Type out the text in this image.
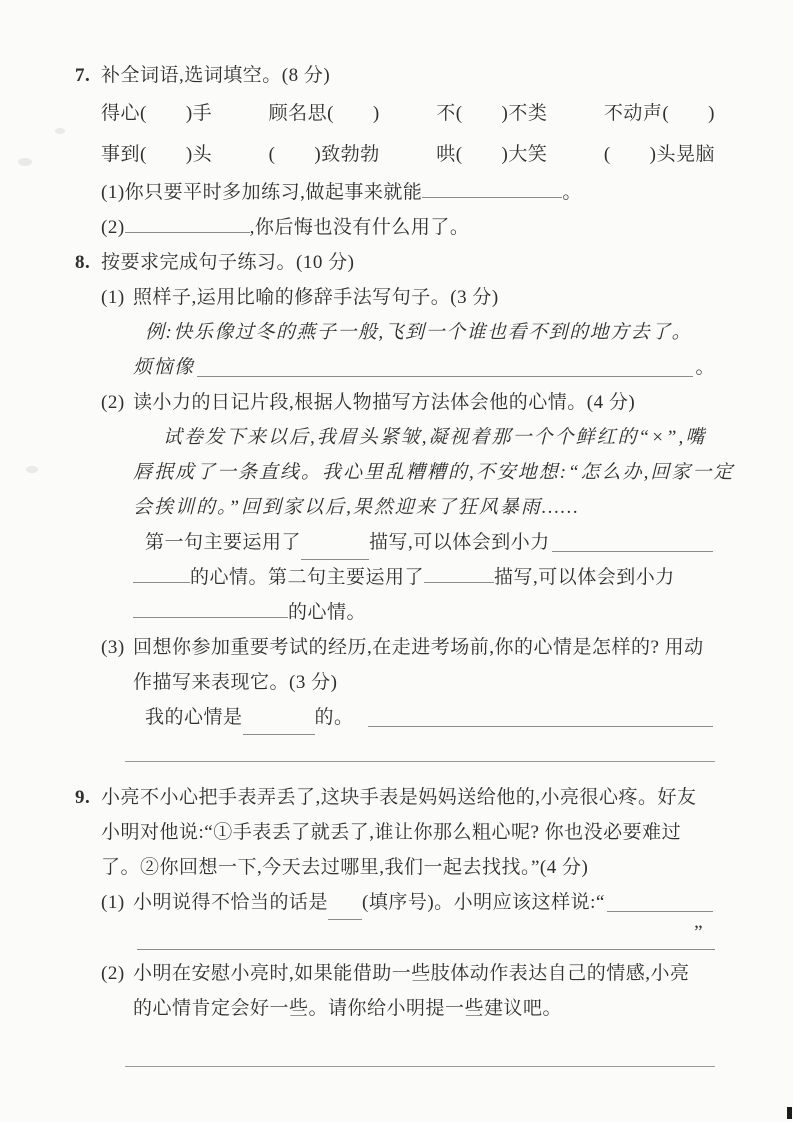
7. 补全词语,选词填空。(8 分)
得心(　　)手	顾名思(　　)	不(　　)不类	不动声(　　)
事到(　　)头	(　　)致勃勃	哄(　　)大笑	(　　)头晃脑
(1)你只要平时多加练习,做起事来就能	。
(2)	,你后悔也没有什么用了。
8. 按要求完成句子练习。(10 分)
(1) 照样子,运用比喻的修辞手法写句子。(3 分)
例:快乐像过冬的燕子一般,飞到一个谁也看不到的地方去了。
烦恼像	。
(2) 读小力的日记片段,根据人物描写方法体会他的心情。(4 分)
试卷发下来以后,我眉头紧皱,凝视着那一个个鲜红的“×”,嘴
唇抿成了一条直线。我心里乱糟糟的,不安地想:“怎么办,回家一定
会挨训的。”回到家以后,果然迎来了狂风暴雨……
第一句主要运用了	描写,可以体会到小力
的心情。第二句主要运用了	描写,可以体会到小力
的心情。
(3) 回想你参加重要考试的经历,在走进考场前,你的心情是怎样的? 用动
作描写来表现它。(3 分)
我的心情是	的。
9. 小亮不小心把手表弄丢了,这块手表是妈妈送给他的,小亮很心疼。好友
小明对他说:“①手表丢了就丢了,谁让你那么粗心呢? 你也没必要难过
了。②你回想一下,今天去过哪里,我们一起去找找。”(4 分)
(1) 小明说得不恰当的话是 (填序号)。小明应该这样说:“
”
(2) 小明在安慰小亮时,如果能借助一些肢体动作表达自己的情感,小亮
的心情肯定会好一些。请你给小明提一些建议吧。
